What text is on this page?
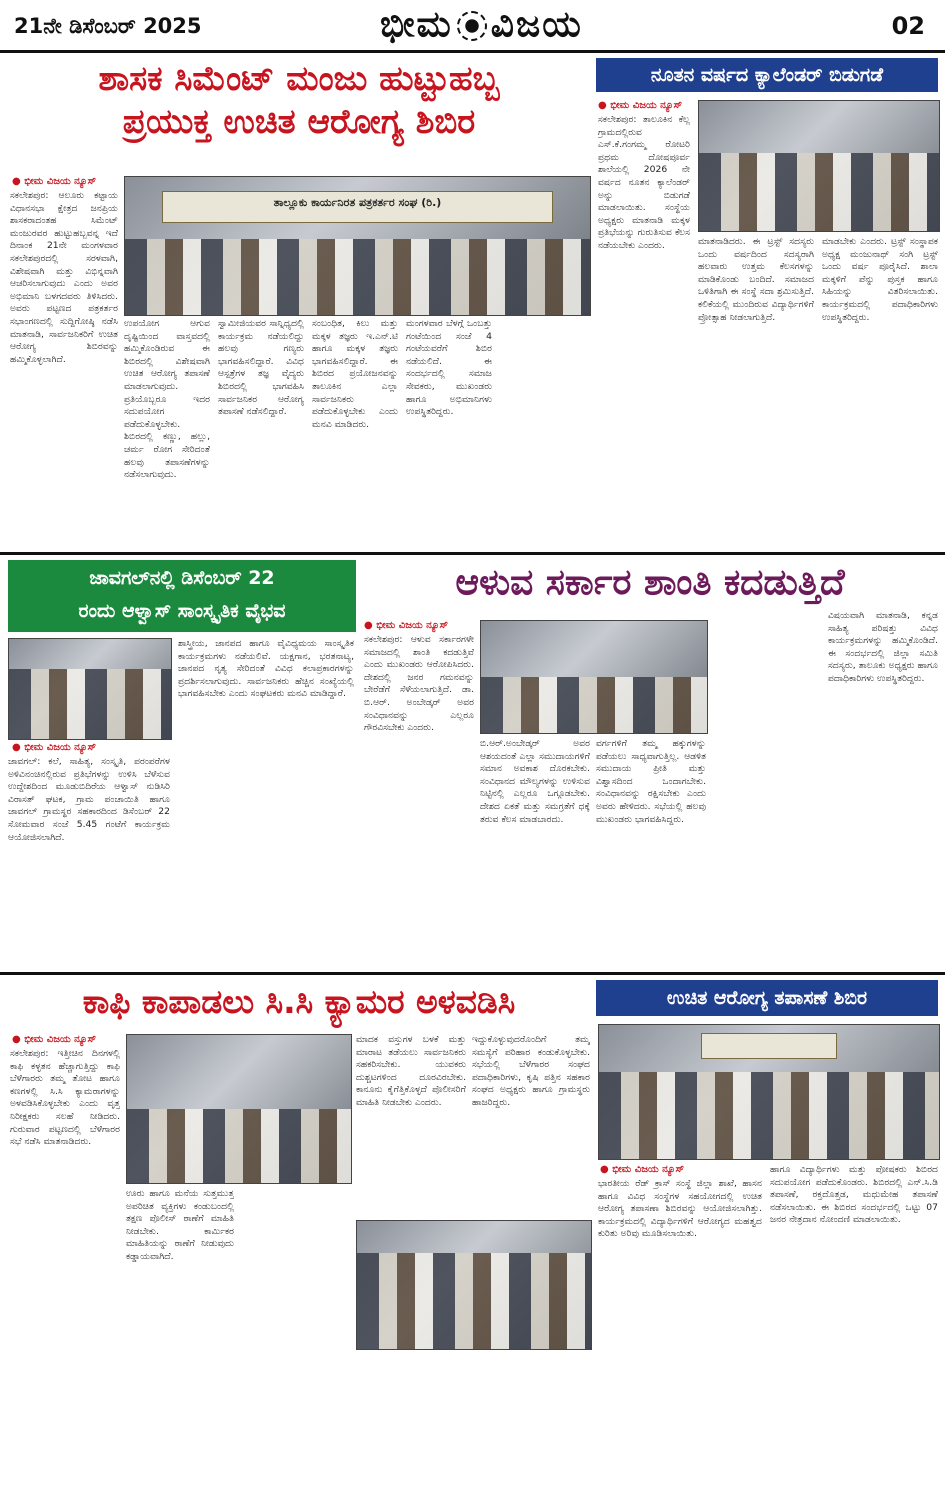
21ನೇ ಡಿಸೆಂಬರ್ 2025	ಭೀಮ ವಿಜಯ	02
ಶಾಸಕ ಸಿಮೆಂಟ್ ಮಂಜು ಹುಟ್ಟುಹಬ್ಬ
ಪ್ರಯುಕ್ತ ಉಚಿತ ಆರೋಗ್ಯ ಶಿಬಿರ
● ಭೀಮ ವಿಜಯ ನ್ಯೂಸ್
ಸಕಲೇಶಪುರ: ಆಲೂರು ಕಟ್ಟಾಯ ವಿಧಾನಸಭಾ ಕ್ಷೇತ್ರದ ಜನಪ್ರಿಯ ಶಾಸಕರಾದಂತಹ ಸಿಮೆಂಟ್ ಮಂಜುರವರ ಹುಟ್ಟುಹಬ್ಬವನ್ನ ಇದೆ ದಿನಾಂಕ 21ನೇ ಮಂಗಳವಾರ ಸಕಲೇಶಪುರದಲ್ಲಿ ಸರಳವಾಗಿ, ವಿಶೇಷವಾಗಿ ಮತ್ತು ವಿಭಿನ್ನವಾಗಿ ಆಚರಿಸಲಾಗುವುದು ಎಂದು ಅವರ ಅಭಿಮಾನಿ ಬಳಗದವರು ತಿಳಿಸಿದರು. ಅವರು ಪಟ್ಟಣದ ಪತ್ರಕರ್ತರ ಸಭಾಂಗಣದಲ್ಲಿ ಸುದ್ದಿಗೋಷ್ಠಿ ನಡೆಸಿ ಮಾತನಾಡಿ, ಸಾರ್ವಜನಿಕರಿಗೆ ಉಚಿತ ಆರೋಗ್ಯ ಶಿಬಿರವನ್ನು ಹಮ್ಮಿಕೊಳ್ಳಲಾಗಿದೆ.
ತಾಲ್ಲೂಕು ಕಾರ್ಯನಿರತ ಪತ್ರಕರ್ತರ ಸಂಘ (ರಿ.)
ಉಪಯೋಗ ಆಗುವ ದೃಷ್ಟಿಯಿಂದ ವಾಸ್ತವದಲ್ಲಿ ಹಮ್ಮಿಕೊಂಡಿರುವ ಈ ಶಿಬಿರದಲ್ಲಿ ವಿಶೇಷವಾಗಿ ಉಚಿತ ಆರೋಗ್ಯ ತಪಾಸಣೆ ಮಾಡಲಾಗುವುದು. ಪ್ರತಿಯೊಬ್ಬರೂ ಇದರ ಸದುಪಯೋಗ ಪಡೆದುಕೊಳ್ಳಬೇಕು. ಶಿಬಿರದಲ್ಲಿ ಕಣ್ಣು, ಹಲ್ಲು, ಚರ್ಮ ರೋಗ ಸೇರಿದಂತೆ ಹಲವು ತಪಾಸಣೆಗಳನ್ನು ನಡೆಸಲಾಗುವುದು.
ಸ್ವಾಮೀಜಿಯವರ ಸಾನ್ನಿಧ್ಯದಲ್ಲಿ ಕಾರ್ಯಕ್ರಮ ನಡೆಯಲಿದ್ದು ಹಲವು ಗಣ್ಯರು ಭಾಗವಹಿಸಲಿದ್ದಾರೆ. ವಿವಿಧ ಆಸ್ಪತ್ರೆಗಳ ತಜ್ಞ ವೈದ್ಯರು ಶಿಬಿರದಲ್ಲಿ ಭಾಗವಹಿಸಿ ಸಾರ್ವಜನಿಕರ ಆರೋಗ್ಯ ತಪಾಸಣೆ ನಡೆಸಲಿದ್ದಾರೆ.
ಸಂಬಂಧಿತ, ಕಿಲು ಮತ್ತು ಮಕ್ಕಳ ತಜ್ಞರು ಇ.ಎನ್.ಟಿ ಹಾಗೂ ಮಕ್ಕಳ ತಜ್ಞರು ಭಾಗವಹಿಸಲಿದ್ದಾರೆ. ಈ ಶಿಬಿರದ ಪ್ರಯೋಜನವನ್ನು ತಾಲೂಕಿನ ಎಲ್ಲಾ ಸಾರ್ವಜನಿಕರು ಪಡೆದುಕೊಳ್ಳಬೇಕು ಎಂದು ಮನವಿ ಮಾಡಿದರು.
ಮಂಗಳವಾರ ಬೆಳಗ್ಗೆ ಒಂಬತ್ತು ಗಂಟೆಯಿಂದ ಸಂಜೆ 4 ಗಂಟೆಯವರೆಗೆ ಶಿಬಿರ ನಡೆಯಲಿದೆ. ಈ ಸಂದರ್ಭದಲ್ಲಿ ಸಮಾಜ ಸೇವಕರು, ಮುಖಂಡರು ಹಾಗೂ ಅಭಿಮಾನಿಗಳು ಉಪಸ್ಥಿತರಿದ್ದರು.
ನೂತನ ವರ್ಷದ ಕ್ಯಾಲೆಂಡರ್ ಬಿಡುಗಡೆ
● ಭೀಮ ವಿಜಯ ನ್ಯೂಸ್
ಸಕಲೇಶಪುರ: ತಾಲೂಕಿನ ಕೆಲ್ಲ ಗ್ರಾಮದಲ್ಲಿರುವ ಎಸ್.ಕೆ.ಗಂಗಮ್ಮ ರೋಟರಿ ಪ್ರಥಮ ದೋಷಪೂರ್ವ ಶಾಲೆಯಲ್ಲಿ 2026 ನೇ ವರ್ಷದ ನೂತನ ಕ್ಯಾಲೆಂಡರ್ ಅನ್ನು ಬಿಡುಗಡೆ ಮಾಡಲಾಯಿತು. ಸಂಸ್ಥೆಯ ಅಧ್ಯಕ್ಷರು ಮಾತನಾಡಿ ಮಕ್ಕಳ ಪ್ರತಿಭೆಯನ್ನು ಗುರುತಿಸುವ ಕೆಲಸ ನಡೆಯಬೇಕು ಎಂದರು.	ಮಾತನಾಡಿದರು. ಈ ಟ್ರಸ್ಟ್ ಸದಸ್ಯರು ಒಂದು ವರ್ಷದಿಂದ ಸದಸ್ಯರಾಗಿ ಹಲವಾರು ಉತ್ತಮ ಕೆಲಸಗಳನ್ನು ಮಾಡಿಕೊಂಡು ಬಂದಿದೆ. ಸಮಾಜದ ಒಳಿತಿಗಾಗಿ ಈ ಸಂಸ್ಥೆ ಸದಾ ಶ್ರಮಿಸುತ್ತಿದೆ. ಕಲಿಕೆಯಲ್ಲಿ ಮುಂದಿರುವ ವಿದ್ಯಾರ್ಥಿಗಳಿಗೆ ಪ್ರೋತ್ಸಾಹ ನೀಡಲಾಗುತ್ತಿದೆ.
ಮಾಡಬೇಕು ಎಂದರು. ಟ್ರಸ್ಟ್ ಸಂಸ್ಥಾಪಕ ಅಧ್ಯಕ್ಷ ಮಂಜುನಾಥ್ ಸಂಗಿ ಟ್ರಸ್ಟ್ ಒಂದು ವರ್ಷ ಪೂರೈಸಿದೆ. ಶಾಲಾ ಮಕ್ಕಳಿಗೆ ಪೆನ್ನು ಪುಸ್ತಕ ಹಾಗೂ ಸಿಹಿಯನ್ನು ವಿತರಿಸಲಾಯಿತು. ಕಾರ್ಯಕ್ರಮದಲ್ಲಿ ಪದಾಧಿಕಾರಿಗಳು ಉಪಸ್ಥಿತರಿದ್ದರು.
ಜಾವಗಲ್‌ನಲ್ಲಿ ಡಿಸೆಂಬರ್ 22
ರಂದು ಆಳ್ವಾಸ್ ಸಾಂಸ್ಕೃತಿಕ ವೈಭವ
● ಭೀಮ ವಿಜಯ ನ್ಯೂಸ್
ಜಾವಗಲ್: ಕಲೆ, ಸಾಹಿತ್ಯ, ಸಂಸ್ಕೃತಿ, ಪರಂಪರೆಗಳ ಅಳಿವಿನಂಚಿನಲ್ಲಿರುವ ಪ್ರತಿಭೆಗಳನ್ನು ಉಳಿಸಿ ಬೆಳೆಸುವ ಉದ್ದೇಶದಿಂದ ಮೂಡುಬಿದಿರೆಯ ಆಳ್ವಾಸ್ ನುಡಿಸಿರಿ ವಿರಾಸತ್ ಘಟಕ, ಗ್ರಾಮ ಪಂಚಾಯಿತಿ ಹಾಗೂ ಜಾವಗಲ್ ಗ್ರಾಮಸ್ಥರ ಸಹಕಾರದಿಂದ ಡಿಸೆಂಬರ್ 22 ಸೋಮವಾರ ಸಂಜೆ 5.45 ಗಂಟೆಗೆ ಕಾರ್ಯಕ್ರಮ ಆಯೋಜಿಸಲಾಗಿದೆ.
ಶಾಸ್ತ್ರೀಯ, ಜಾನಪದ ಹಾಗೂ ವೈವಿಧ್ಯಮಯ ಸಾಂಸ್ಕೃತಿಕ ಕಾರ್ಯಕ್ರಮಗಳು ನಡೆಯಲಿವೆ. ಯಕ್ಷಗಾನ, ಭರತನಾಟ್ಯ, ಜಾನಪದ ನೃತ್ಯ ಸೇರಿದಂತೆ ವಿವಿಧ ಕಲಾಪ್ರಕಾರಗಳನ್ನು ಪ್ರದರ್ಶಿಸಲಾಗುವುದು. ಸಾರ್ವಜನಿಕರು ಹೆಚ್ಚಿನ ಸಂಖ್ಯೆಯಲ್ಲಿ ಭಾಗವಹಿಸಬೇಕು ಎಂದು ಸಂಘಟಕರು ಮನವಿ ಮಾಡಿದ್ದಾರೆ.
ಆಳುವ ಸರ್ಕಾರ ಶಾಂತಿ ಕದಡುತ್ತಿದೆ
● ಭೀಮ ವಿಜಯ ನ್ಯೂಸ್
ಸಕಲೇಶಪುರ: ಆಳುವ ಸರ್ಕಾರಗಳೇ ಸಮಾಜದಲ್ಲಿ ಶಾಂತಿ ಕದಡುತ್ತಿವೆ ಎಂದು ಮುಖಂಡರು ಆರೋಪಿಸಿದರು. ದೇಶದಲ್ಲಿ ಜನರ ಗಮನವನ್ನು ಬೇರೆಡೆಗೆ ಸೆಳೆಯಲಾಗುತ್ತಿದೆ. ಡಾ. ಬಿ.ಆರ್. ಅಂಬೇಡ್ಕರ್ ಅವರ ಸಂವಿಧಾನವನ್ನು ಎಲ್ಲರೂ ಗೌರವಿಸಬೇಕು ಎಂದರು.
ಬಿ.ಆರ್.ಅಂಬೇಡ್ಕರ್ ಅವರ ಆಶಯದಂತೆ ಎಲ್ಲಾ ಸಮುದಾಯಗಳಿಗೆ ಸಮಾನ ಅವಕಾಶ ದೊರಕಬೇಕು. ಸಂವಿಧಾನದ ಮೌಲ್ಯಗಳನ್ನು ಉಳಿಸುವ ನಿಟ್ಟಿನಲ್ಲಿ ಎಲ್ಲರೂ ಒಗ್ಗೂಡಬೇಕು. ದೇಶದ ಏಕತೆ ಮತ್ತು ಸಮಗ್ರತೆಗೆ ಧಕ್ಕೆ ತರುವ ಕೆಲಸ ಮಾಡಬಾರದು.
ವರ್ಗಗಳಿಗೆ ತಮ್ಮ ಹಕ್ಕುಗಳನ್ನು ಪಡೆಯಲು ಸಾಧ್ಯವಾಗುತ್ತಿಲ್ಲ. ಆಡಳಿತ ಸಮುದಾಯ ಪ್ರೀತಿ ಮತ್ತು ವಿಶ್ವಾಸದಿಂದ ಒಂದಾಗಬೇಕು. ಸಂವಿಧಾನವನ್ನು ರಕ್ಷಿಸಬೇಕು ಎಂದು ಅವರು ಹೇಳಿದರು. ಸಭೆಯಲ್ಲಿ ಹಲವು ಮುಖಂಡರು ಭಾಗವಹಿಸಿದ್ದರು.
ವಿಷಯವಾಗಿ ಮಾತನಾಡಿ, ಕನ್ನಡ ಸಾಹಿತ್ಯ ಪರಿಷತ್ತು ವಿವಿಧ ಕಾರ್ಯಕ್ರಮಗಳನ್ನು ಹಮ್ಮಿಕೊಂಡಿದೆ. ಈ ಸಂದರ್ಭದಲ್ಲಿ ಜಿಲ್ಲಾ ಸಮಿತಿ ಸದಸ್ಯರು, ತಾಲೂಕು ಅಧ್ಯಕ್ಷರು ಹಾಗೂ ಪದಾಧಿಕಾರಿಗಳು ಉಪಸ್ಥಿತರಿದ್ದರು.
ಕಾಫಿ ಕಾಪಾಡಲು ಸಿ.ಸಿ ಕ್ಯಾಮರ ಅಳವಡಿಸಿ
● ಭೀಮ ವಿಜಯ ನ್ಯೂಸ್
ಸಕಲೇಶಪುರ: ಇತ್ತೀಚಿನ ದಿನಗಳಲ್ಲಿ ಕಾಫಿ ಕಳ್ಳತನ ಹೆಚ್ಚಾಗುತ್ತಿದ್ದು ಕಾಫಿ ಬೆಳೆಗಾರರು ತಮ್ಮ ತೋಟ ಹಾಗೂ ಕಣಗಳಲ್ಲಿ ಸಿ.ಸಿ ಕ್ಯಾಮರಾಗಳನ್ನು ಅಳವಡಿಸಿಕೊಳ್ಳಬೇಕು ಎಂದು ವೃತ್ತ ನಿರೀಕ್ಷಕರು ಸಲಹೆ ನೀಡಿದರು. ಗುರುವಾರ ಪಟ್ಟಣದಲ್ಲಿ ಬೆಳೆಗಾರರ ಸಭೆ ನಡೆಸಿ ಮಾತನಾಡಿದರು.
ಊರು ಹಾಗೂ ಮನೆಯ ಸುತ್ತಮುತ್ತ ಅಪರಿಚಿತ ವ್ಯಕ್ತಿಗಳು ಕಂಡುಬಂದಲ್ಲಿ ತಕ್ಷಣ ಪೊಲೀಸ್ ಠಾಣೆಗೆ ಮಾಹಿತಿ ನೀಡಬೇಕು. ಕಾರ್ಮಿಕರ ಮಾಹಿತಿಯನ್ನು ಠಾಣೆಗೆ ನೀಡುವುದು ಕಡ್ಡಾಯವಾಗಿದೆ.
ಮಾದಕ ವಸ್ತುಗಳ ಬಳಕೆ ಮತ್ತು ಮಾರಾಟ ತಡೆಯಲು ಸಾರ್ವಜನಿಕರು ಸಹಕರಿಸಬೇಕು. ಯುವಕರು ದುಶ್ಚಟಗಳಿಂದ ದೂರವಿರಬೇಕು. ಕಾನೂನು ಕೈಗೆತ್ತಿಕೊಳ್ಳದೆ ಪೊಲೀಸರಿಗೆ ಮಾಹಿತಿ ನೀಡಬೇಕು ಎಂದರು.
ಇದ್ದುಕೊಳ್ಳುವುದರೊಂದಿಗೆ ತಮ್ಮ ಸಮಸ್ಯೆಗೆ ಪರಿಹಾರ ಕಂಡುಕೊಳ್ಳಬೇಕು. ಸಭೆಯಲ್ಲಿ ಬೆಳೆಗಾರರ ಸಂಘದ ಪದಾಧಿಕಾರಿಗಳು, ಕೃಷಿ ಪತ್ತಿನ ಸಹಕಾರ ಸಂಘದ ಅಧ್ಯಕ್ಷರು ಹಾಗೂ ಗ್ರಾಮಸ್ಥರು ಹಾಜರಿದ್ದರು.
ಉಚಿತ ಆರೋಗ್ಯ ತಪಾಸಣೆ ಶಿಬಿರ
● ಭೀಮ ವಿಜಯ ನ್ಯೂಸ್
ಭಾರತೀಯ ರೆಡ್ ಕ್ರಾಸ್ ಸಂಸ್ಥೆ ಜಿಲ್ಲಾ ಶಾಖೆ, ಹಾಸನ ಹಾಗೂ ವಿವಿಧ ಸಂಸ್ಥೆಗಳ ಸಹಯೋಗದಲ್ಲಿ ಉಚಿತ ಆರೋಗ್ಯ ತಪಾಸಣಾ ಶಿಬಿರವನ್ನು ಆಯೋಜಿಸಲಾಗಿತ್ತು. ಕಾರ್ಯಕ್ರಮದಲ್ಲಿ ವಿದ್ಯಾರ್ಥಿಗಳಿಗೆ ಆರೋಗ್ಯದ ಮಹತ್ವದ ಕುರಿತು ಅರಿವು ಮೂಡಿಸಲಾಯಿತು.
ಹಾಗೂ ವಿದ್ಯಾರ್ಥಿಗಳು ಮತ್ತು ಪೋಷಕರು ಶಿಬಿರದ ಸದುಪಯೋಗ ಪಡೆದುಕೊಂಡರು. ಶಿಬಿರದಲ್ಲಿ ಎನ್.ಸಿ.ಡಿ ತಪಾಸಣೆ, ರಕ್ತದೊತ್ತಡ, ಮಧುಮೇಹ ತಪಾಸಣೆ ನಡೆಸಲಾಯಿತು. ಈ ಶಿಬಿರದ ಸಂದರ್ಭದಲ್ಲಿ ಒಟ್ಟು 07 ಜನರ ನೇತ್ರದಾನ ನೋಂದಣಿ ಮಾಡಲಾಯಿತು.
